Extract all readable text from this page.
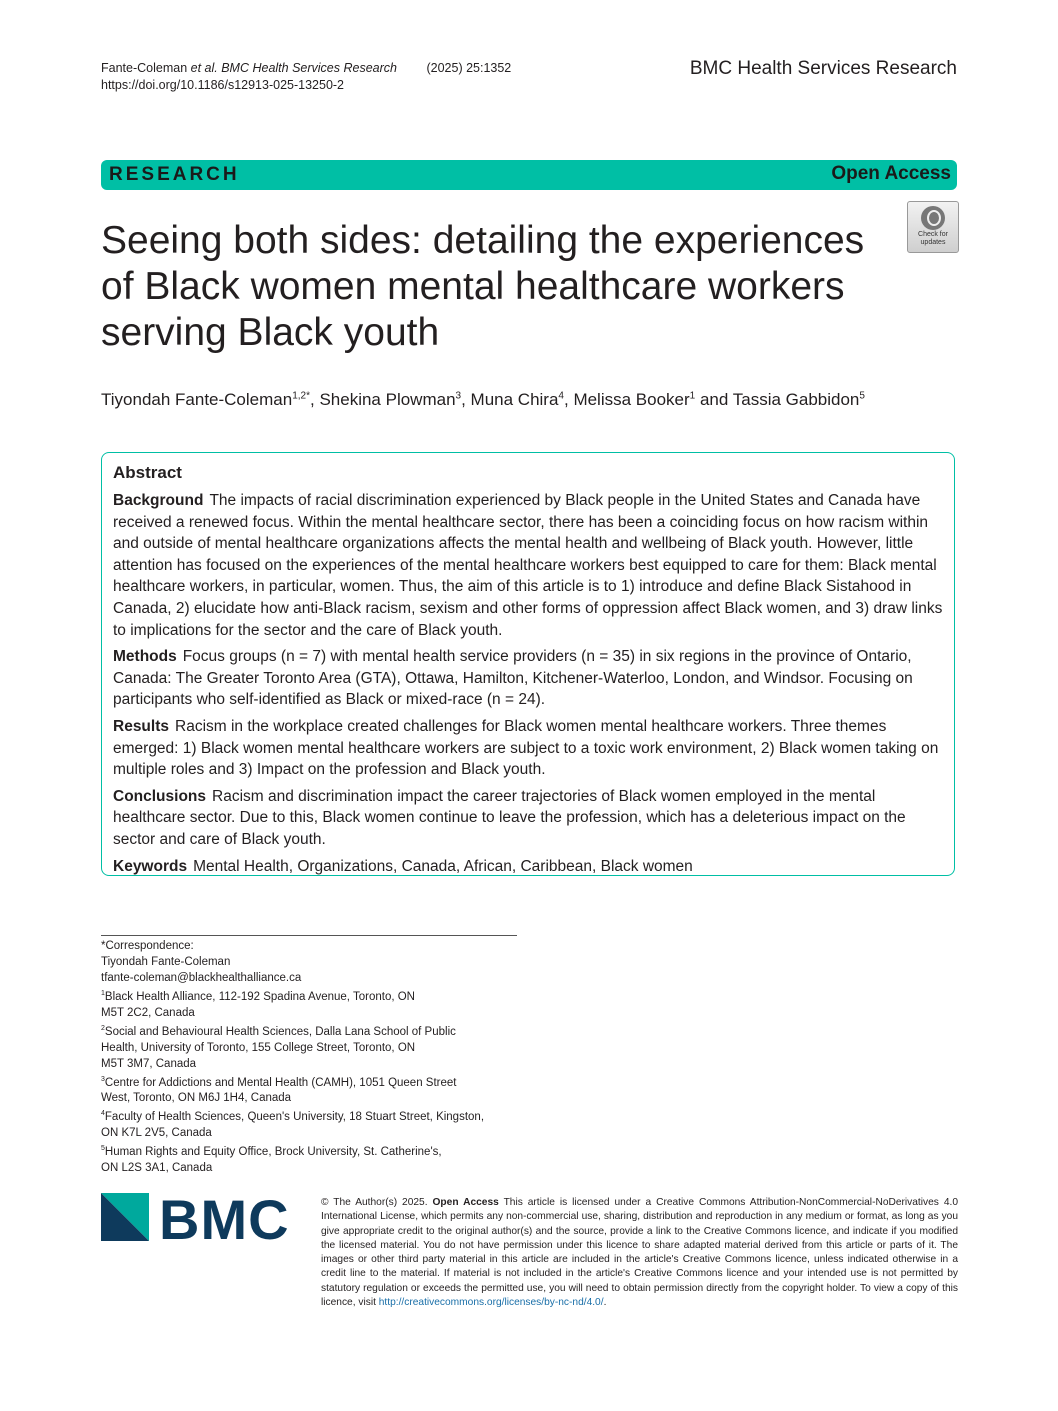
Fante-Coleman et al. BMC Health Services Research (2025) 25:1352
https://doi.org/10.1186/s12913-025-13250-2
BMC Health Services Research
RESEARCH	Open Access
Seeing both sides: detailing the experiences of Black women mental healthcare workers serving Black youth
Check for
updates
Tiyondah Fante-Coleman$^{1,2*}$, Shekina Plowman$^3$, Muna Chira$^4$, Melissa Booker$^1$ and Tassia Gabbidon$^5$
Abstract

Background The impacts of racial discrimination experienced by Black people in the United States and Canada have received a renewed focus. Within the mental healthcare sector, there has been a coinciding focus on how racism within and outside of mental healthcare organizations affects the mental health and wellbeing of Black youth. However, little attention has focused on the experiences of the mental healthcare workers best equipped to care for them: Black mental healthcare workers, in particular, women. Thus, the aim of this article is to 1) introduce and define Black Sistahood in Canada, 2) elucidate how anti-Black racism, sexism and other forms of oppression affect Black women, and 3) draw links to implications for the sector and the care of Black youth.

Methods Focus groups (n = 7) with mental health service providers (n = 35) in six regions in the province of Ontario, Canada: The Greater Toronto Area (GTA), Ottawa, Hamilton, Kitchener-Waterloo, London, and Windsor. Focusing on participants who self-identified as Black or mixed-race (n = 24).

Results Racism in the workplace created challenges for Black women mental healthcare workers. Three themes emerged: 1) Black women mental healthcare workers are subject to a toxic work environment, 2) Black women taking on multiple roles and 3) Impact on the profession and Black youth.

Conclusions Racism and discrimination impact the career trajectories of Black women employed in the mental healthcare sector. Due to this, Black women continue to leave the profession, which has a deleterious impact on the sector and care of Black youth.

Keywords Mental Health, Organizations, Canada, African, Caribbean, Black women

*Correspondence:
Tiyondah Fante-Coleman
tfante-coleman@blackhealthalliance.ca
$^1$Black Health Alliance, 112-192 Spadina Avenue, Toronto, ON
M5T 2C2, Canada
$^2$Social and Behavioural Health Sciences, Dalla Lana School of Public
Health, University of Toronto, 155 College Street, Toronto, ON
M5T 3M7, Canada
$^3$Centre for Addictions and Mental Health (CAMH), 1051 Queen Street
West, Toronto, ON M6J 1H4, Canada
$^4$Faculty of Health Sciences, Queen's University, 18 Stuart Street, Kingston,
ON K7L 2V5, Canada
$^5$Human Rights and Equity Office, Brock University, St. Catherine's,
ON L2S 3A1, Canada
BMC	© The Author(s) 2025. Open Access This article is licensed under a Creative Commons Attribution-NonCommercial-NoDerivatives 4.0 International License, which permits any non-commercial use, sharing, distribution and reproduction in any medium or format, as long as you give appropriate credit to the original author(s) and the source, provide a link to the Creative Commons licence, and indicate if you modified the licensed material. You do not have permission under this licence to share adapted material derived from this article or parts of it. The images or other third party material in this article are included in the article's Creative Commons licence, unless indicated otherwise in a credit line to the material. If material is not included in the article's Creative Commons licence and your intended use is not permitted by statutory regulation or exceeds the permitted use, you will need to obtain permission directly from the copyright holder. To view a copy of this licence, visit http://creativecommons.org/licenses/by-nc-nd/4.0/.
